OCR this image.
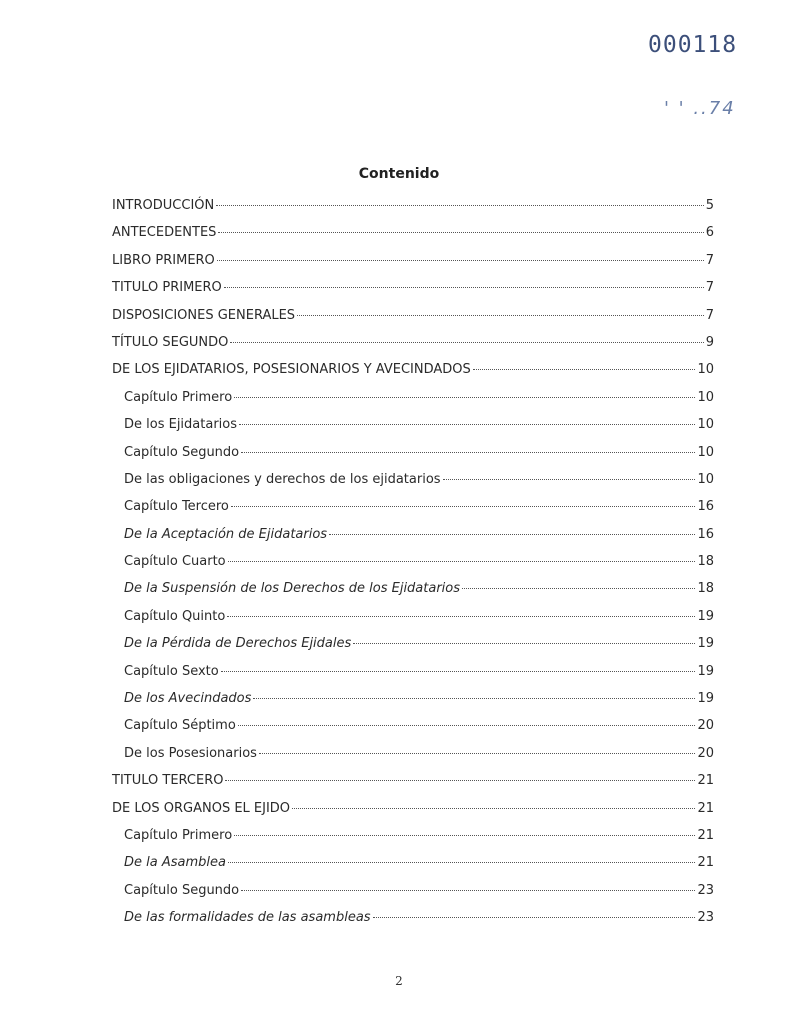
000118
' ' ..74
Contenido
INTRODUCCIÓN	5
ANTECEDENTES	6
LIBRO PRIMERO	7
TITULO PRIMERO	7
DISPOSICIONES GENERALES	7
TÍTULO SEGUNDO	9
DE LOS EJIDATARIOS, POSESIONARIOS Y AVECINDADOS	10
Capítulo Primero	10
De los Ejidatarios	10
Capítulo Segundo	10
De las obligaciones y derechos de los ejidatarios	10
Capítulo Tercero	16
De la Aceptación de Ejidatarios	16
Capítulo Cuarto	18
De la Suspensión de los Derechos de los Ejidatarios	18
Capítulo Quinto	19
De la Pérdida de Derechos Ejidales	19
Capítulo Sexto	19
De los Avecindados	19
Capítulo Séptimo	20
De los Posesionarios	20
TITULO TERCERO	21
DE LOS ORGANOS EL EJIDO	21
Capítulo Primero	21
De la Asamblea	21
Capítulo Segundo	23
De las formalidades de las asambleas	23
2
